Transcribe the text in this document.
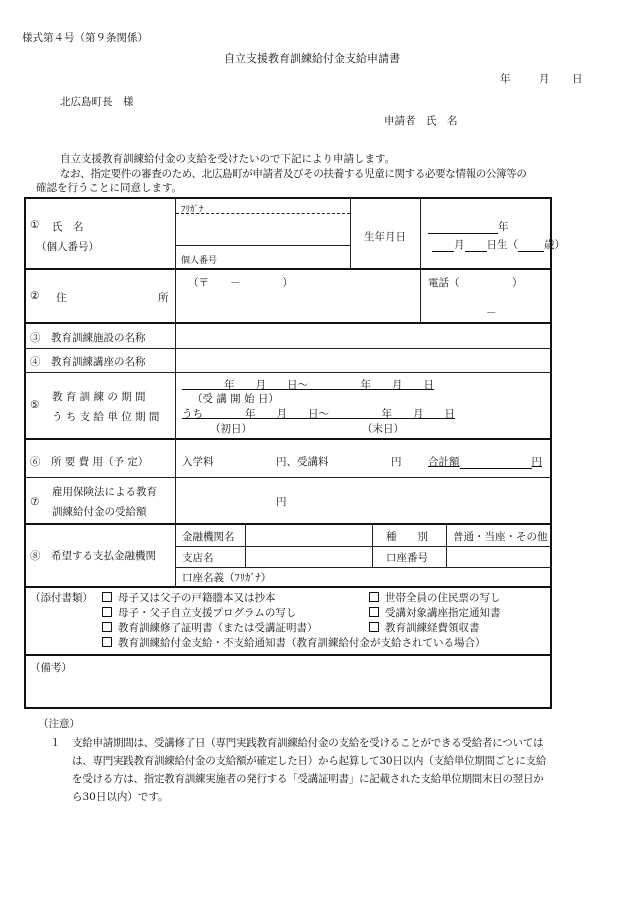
様式第４号（第９条関係）
自立支援教育訓練給付金支給申請書
年	月 日
北広島町長　様
申請者　氏　名
自立支援教育訓練給付金の支給を受けたいので下記により申請します。
なお、指定要件の審査のため、北広島町が申請者及びその扶養する児童に関する必要な情報の公簿等の
確認を行うことに同意します。
① 氏　名
（個人番号）
ﾌﾘｶﾞﾅ
個人番号
生年月日
年
月 日生（ 歳）
② 住	所
（〒　　－　　　　）	電話（　　　　　）
－
③　教育訓練施設の名称
④　教育訓練講座の名称
⑤
教 育 訓 練 の 期 間
う ち 支 給 単 位 期 間
　　　　年　　月　　日～　　　　　年　　月　　日
（受 講 開 始 日）
うち　　　　年　　月　　日～　　　　　年　　月　　日
（初日）	（末日）
⑥　所 要 費 用（予 定）	入学料	円、受講料	円	合計額	円
⑦
雇用保険法による教育
訓練給付金の受給額
円
⑧　希望する支払金融機関
金融機関名	種　　別 普通・当座・その他
支店名	口座番号
口座名義（ﾌﾘｶﾞﾅ）
（添付書類）	母子又は父子の戸籍謄本又は抄本	世帯全員の住民票の写し
母子・父子自立支援プログラムの写し	受講対象講座指定通知書
教育訓練修了証明書（または受講証明書）	教育訓練経費領収書
教育訓練給付金支給・不支給通知書（教育訓練給付金が支給されている場合）
（備考）
（注意）
１ 支給申請期間は、受講修了日（専門実践教育訓練給付金の支給を受けることができる受給者については
は、専門実践教育訓練給付金の支給額が確定した日）から起算して30日以内（支給単位期間ごとに支給
を受ける方は、指定教育訓練実施者の発行する「受講証明書」に記載された支給単位期間末日の翌日か
ら30日以内）です。
